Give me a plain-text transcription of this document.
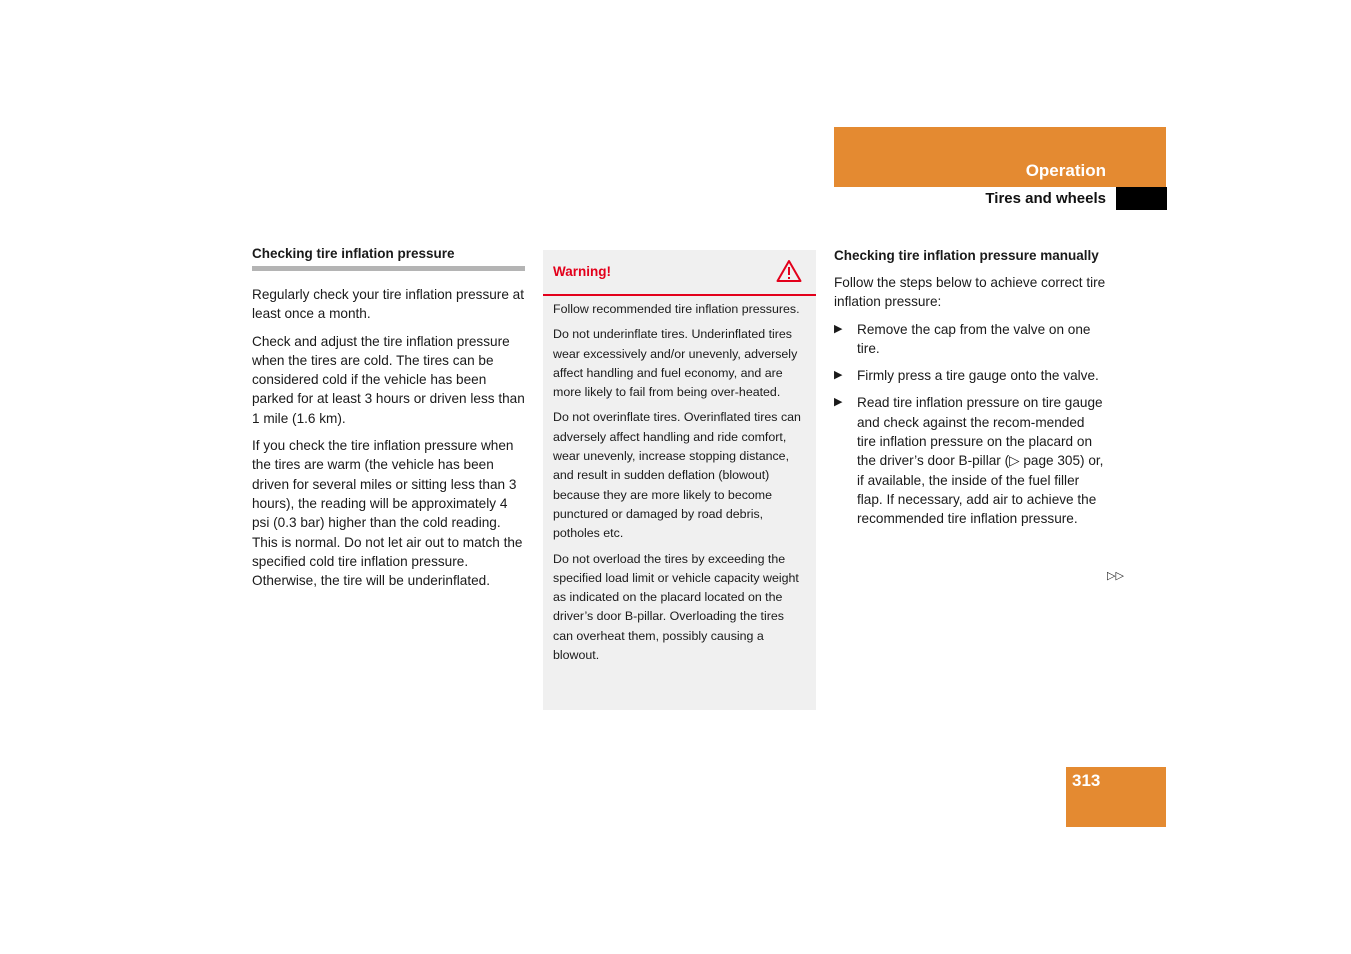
Operation
Tires and wheels
Checking tire inflation pressure

Regularly check your tire inflation pressure at least once a month.

Check and adjust the tire inflation pressure when the tires are cold. The tires can be considered cold if the vehicle has been parked for at least 3 hours or driven less than 1 mile (1.6 km).

If you check the tire inflation pressure when the tires are warm (the vehicle has been driven for several miles or sitting less than 3 hours), the reading will be approximately 4 psi (0.3 bar) higher than the cold reading. This is normal. Do not let air out to match the specified cold tire inflation pressure. Otherwise, the tire will be underinflated.

Warning!

Follow recommended tire inflation pressures.

Do not underinflate tires. Underinflated tires wear excessively and/or unevenly, adversely affect handling and fuel economy, and are more likely to fail from being over-heated.

Do not overinflate tires. Overinflated tires can adversely affect handling and ride comfort, wear unevenly, increase stopping distance, and result in sudden deflation (blowout) because they are more likely to become punctured or damaged by road debris, potholes etc.

Do not overload the tires by exceeding the specified load limit or vehicle capacity weight as indicated on the placard located on the driver’s door B-pillar. Overloading the tires can overheat them, possibly causing a blowout.

Checking tire inflation pressure manually

Follow the steps below to achieve correct tire inflation pressure:

▶ Remove the cap from the valve on one tire.

▶ Firmly press a tire gauge onto the valve.

▶ Read tire inflation pressure on tire gauge and check against the recom-mended tire inflation pressure on the placard on the driver’s door B-pillar (▷ page 305) or, if available, the inside of the fuel filler flap. If necessary, add air to achieve the recommended tire inflation pressure.

▷▷
313
